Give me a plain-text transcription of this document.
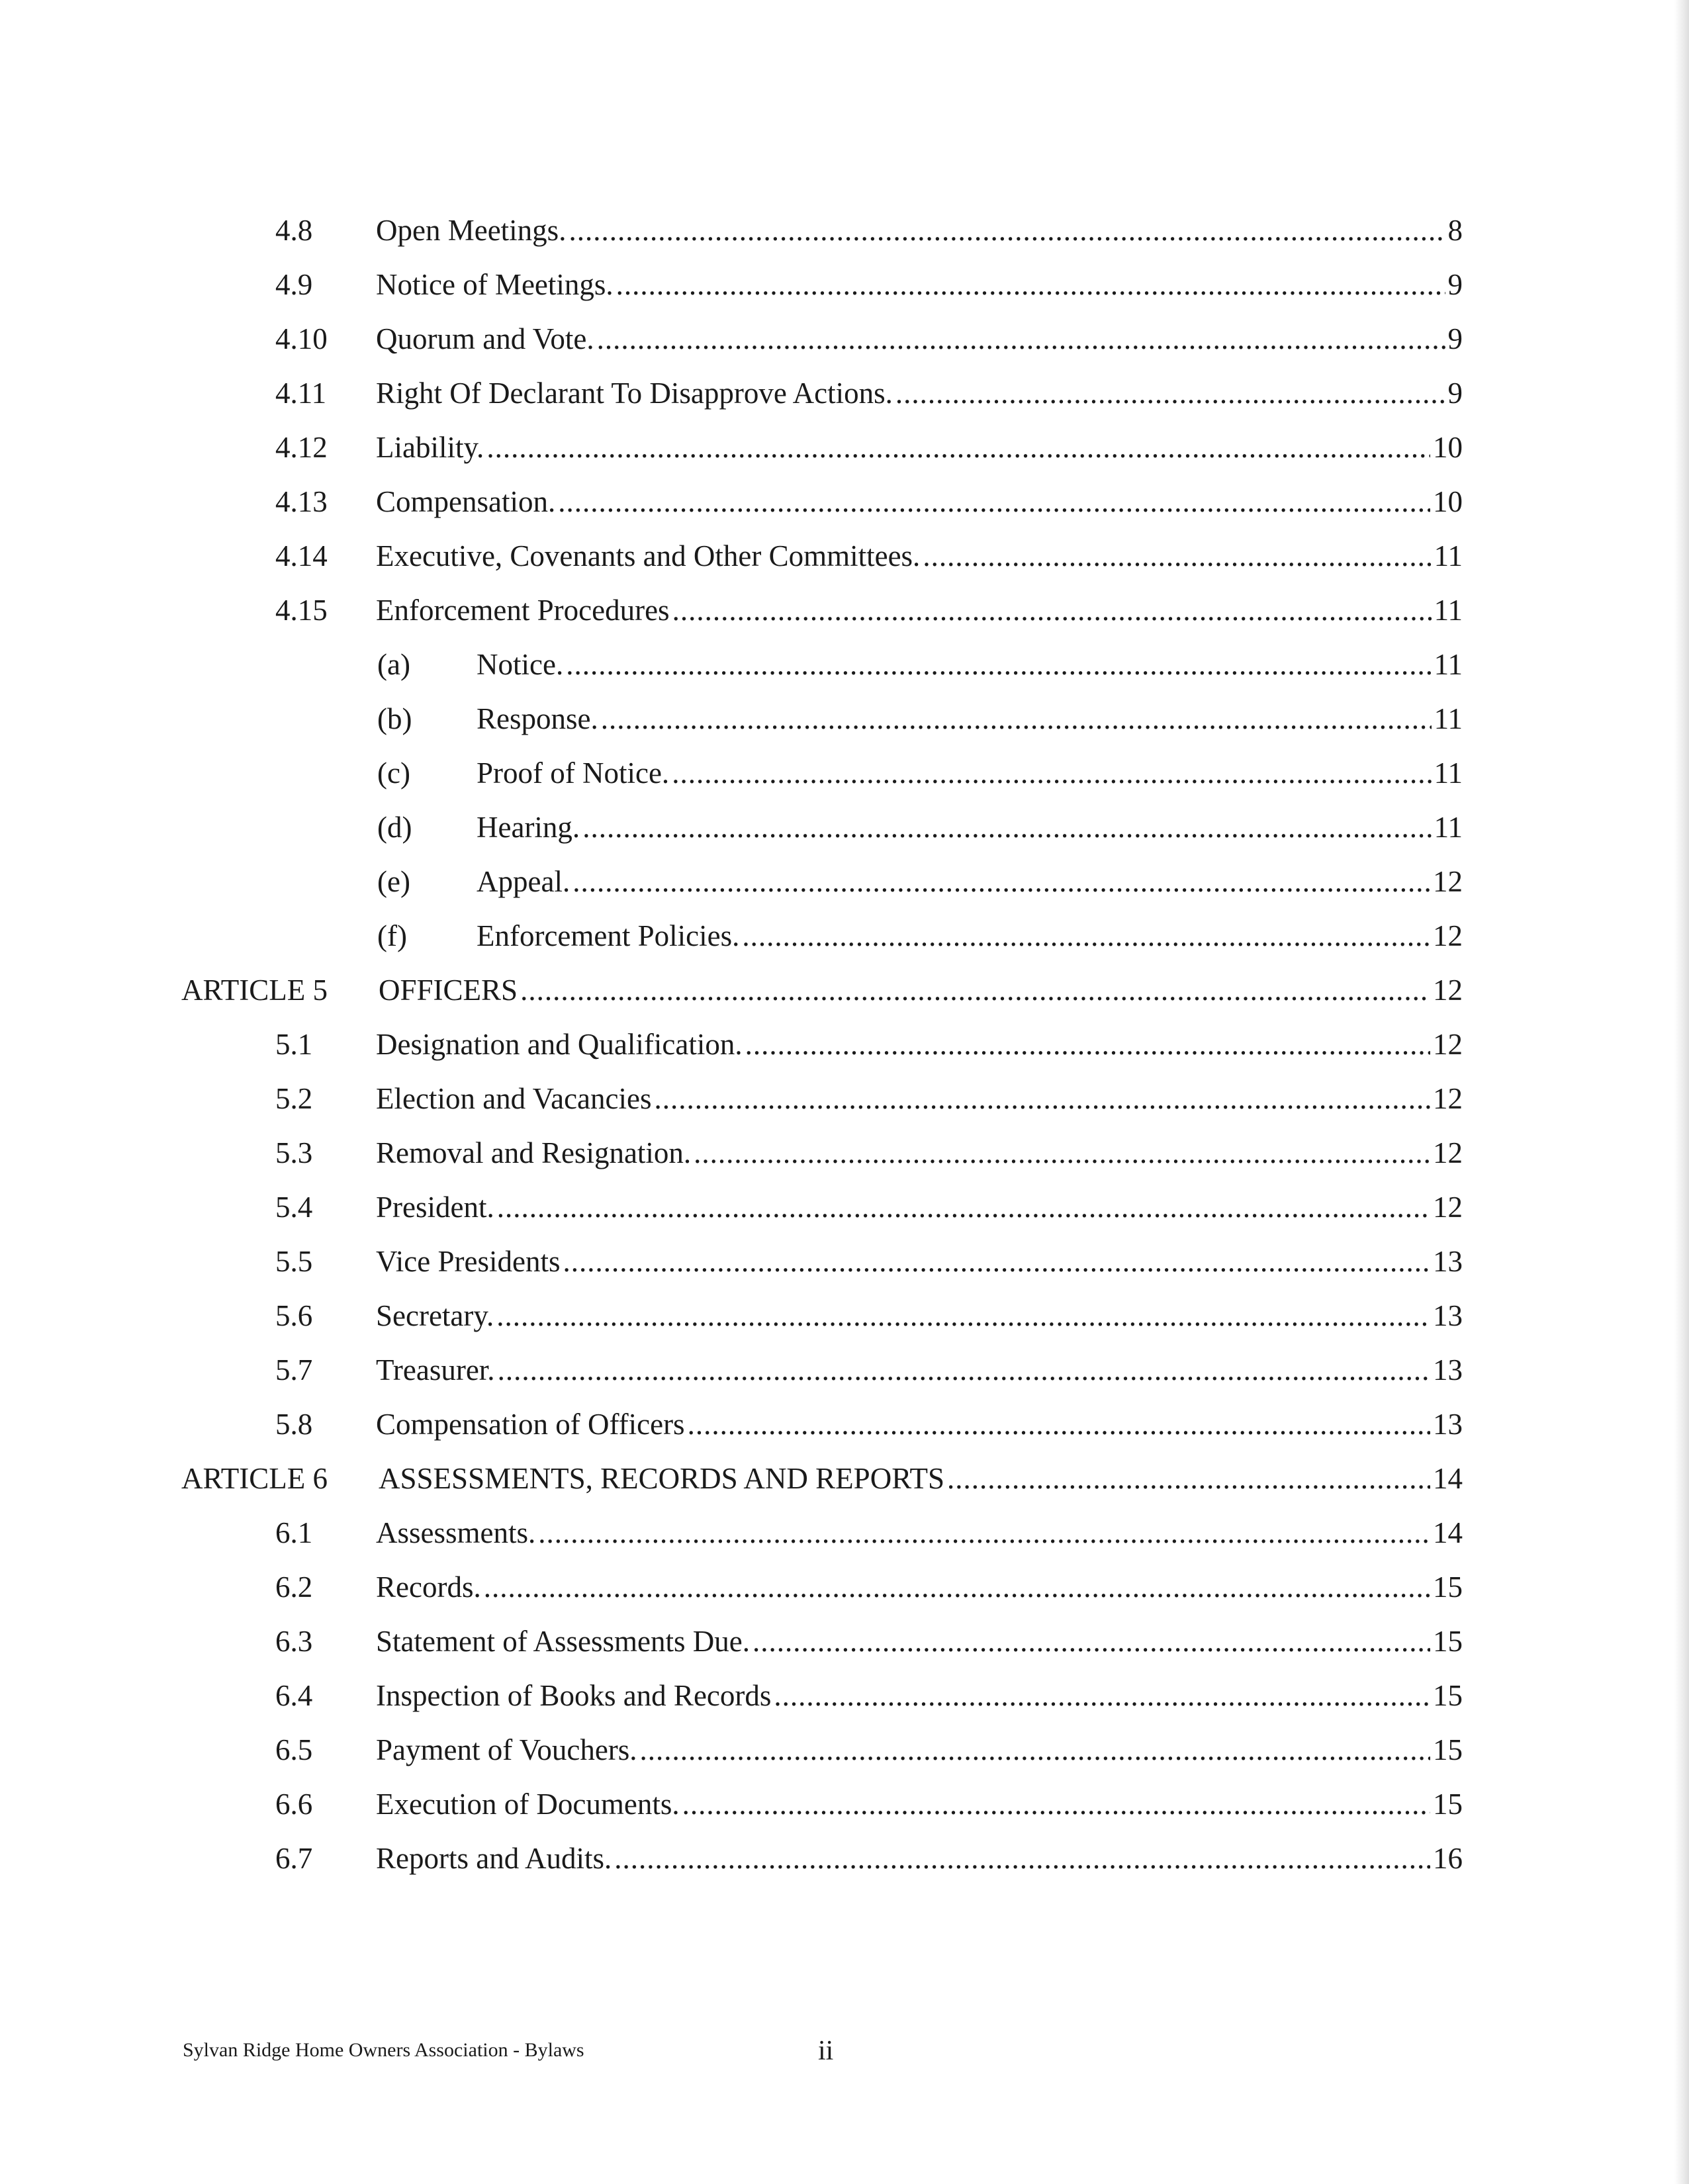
4.8 Open Meetings. .....	8
4.9 Notice of Meetings. .....	9
4.10 Quorum and Vote. .....	9
4.11 Right Of Declarant To Disapprove Actions. .....	9
4.12 Liability. .....	10
4.13 Compensation. .....	10
4.14 Executive, Covenants and Other Committees. .....	11
4.15 Enforcement Procedures .....	11
(a) Notice. .....	11
(b) Response. .....	11
(c) Proof of Notice. .....	11
(d) Hearing. .....	11
(e) Appeal. .....	12
(f) Enforcement Policies. .....	12
ARTICLE 5 OFFICERS .....	12
5.1 Designation and Qualification. .....	12
5.2 Election and Vacancies .....	12
5.3 Removal and Resignation. .....	12
5.4 President. .....	12
5.5 Vice Presidents .....	13
5.6 Secretary. .....	13
5.7 Treasurer. .....	13
5.8 Compensation of Officers .....	13
ARTICLE 6 ASSESSMENTS, RECORDS AND REPORTS .....	14
6.1 Assessments. .....	14
6.2 Records. .....	15
6.3 Statement of Assessments Due. .....	15
6.4 Inspection of Books and Records .....	15
6.5 Payment of Vouchers. .....	15
6.6 Execution of Documents. .....	15
6.7 Reports and Audits. .....	16
Sylvan Ridge Home Owners Association - Bylaws	ii
